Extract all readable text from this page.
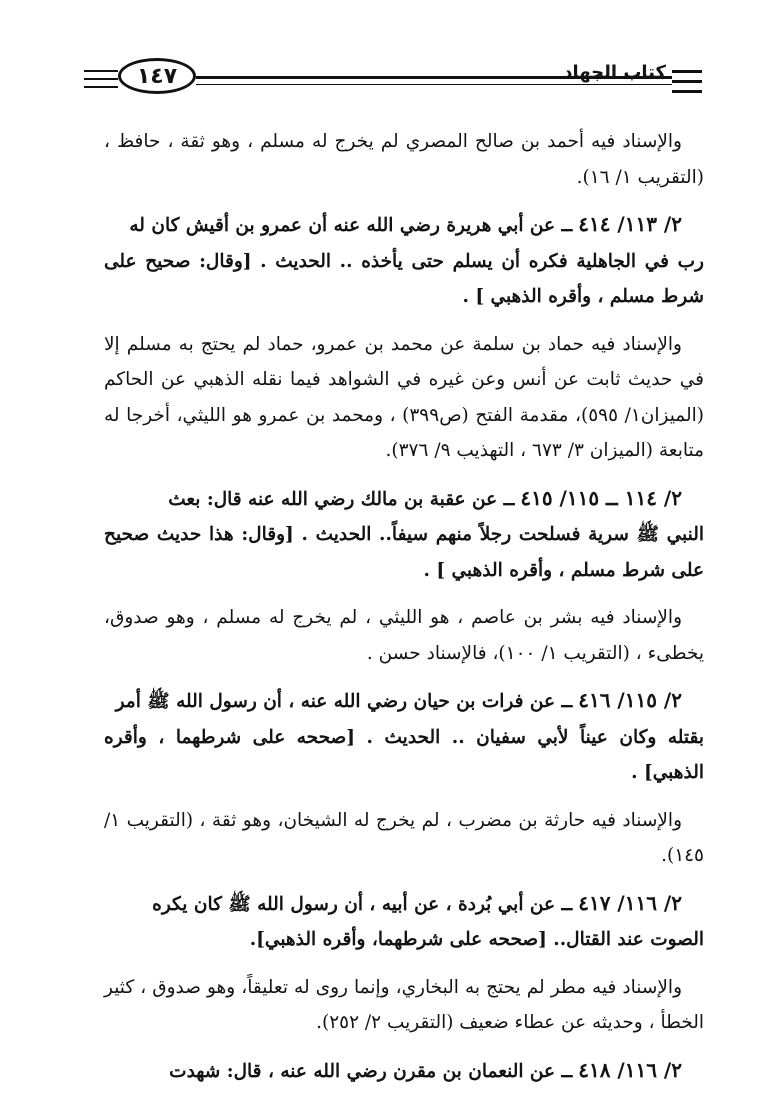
١٤٧	كتاب الجهاد

والإسناد فيه أحمد بن صالح المصري لم يخرج له مسلم ، وهو ثقة ، حافظ ، (التقريب ١/ ١٦).

٢/ ١١٣/ ٤١٤ ــ عن أبي هريرة رضي الله عنه أن عمرو بن أقيش كان له

رب في الجاهلية فكره أن يسلم حتى يأخذه .. الحديث . [وقال: صحيح على شرط مسلم ، وأقره الذهبي ] .

والإسناد فيه حماد بن سلمة عن محمد بن عمرو، حماد لم يحتج به مسلم إلا في حديث ثابت عن أنس وعن غيره في الشواهد فيما نقله الذهبي عن الحاكم (الميزان١/ ٥٩٥)، مقدمة الفتح (ص٣٩٩) ، ومحمد بن عمرو هو الليثي، أخرجا له متابعة (الميزان ٣/ ٦٧٣ ، التهذيب ٩/ ٣٧٦).

٢/ ١١٤ ــ ١١٥/ ٤١٥ ــ عن عقبة بن مالك رضي الله عنه قال: بعث

النبي ﷺ سرية فسلحت رجلاً منهم سيفاً.. الحديث . [وقال: هذا حديث صحيح على شرط مسلم ، وأقره الذهبي ] .

والإسناد فيه بشر بن عاصم ، هو الليثي ، لم يخرج له مسلم ، وهو صدوق، يخطىء ، (التقريب ١/ ١٠٠)، فالإسناد حسن .

٢/ ١١٥/ ٤١٦ ــ عن فرات بن حيان رضي الله عنه ، أن رسول الله ﷺ أمر

بقتله وكان عيناً لأبي سفيان .. الحديث . [صححه على شرطهما ، وأقره الذهبي] .

والإسناد فيه حارثة بن مضرب ، لم يخرج له الشيخان، وهو ثقة ، (التقريب ١/ ١٤٥).

٢/ ١١٦/ ٤١٧ ــ عن أبي بُردة ، عن أبيه ، أن رسول الله ﷺ كان يكره

الصوت عند القتال.. [صححه على شرطهما، وأقره الذهبي].

والإسناد فيه مطر لم يحتج به البخاري، وإنما روى له تعليقاً، وهو صدوق ، كثير الخطأ ، وحديثه عن عطاء ضعيف (التقريب ٢/ ٢٥٢).

٢/ ١١٦/ ٤١٨ ــ عن النعمان بن مقرن رضي الله عنه ، قال: شهدت
